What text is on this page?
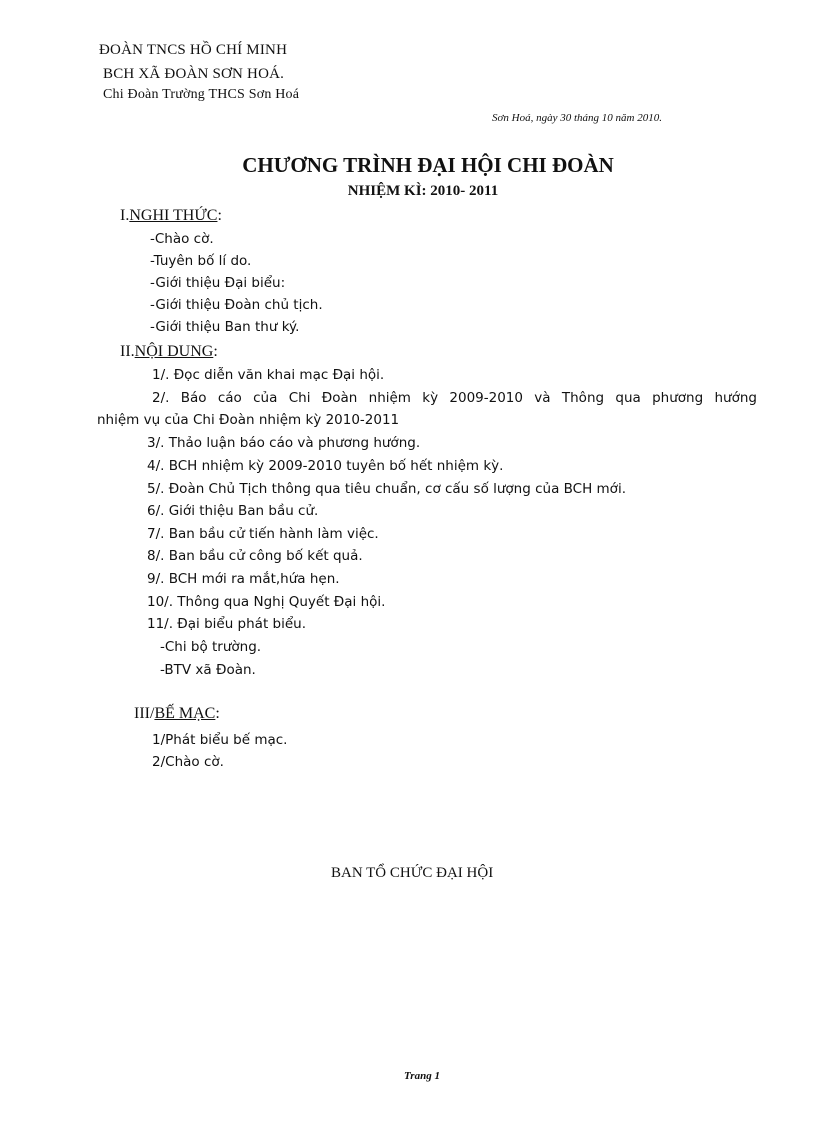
ĐOÀN TNCS HỒ CHÍ MINH
BCH XÃ ĐOÀN SƠN HOÁ.
Chi Đoàn Trường THCS Sơn Hoá
Sơn Hoá, ngày 30 tháng 10 năm 2010.
CHƯƠNG TRÌNH ĐẠI HỘI CHI ĐOÀN
NHIỆM KÌ: 2010- 2011
I.NGHI THỨC:
-Chào cờ.
-Tuyên bố lí do.
-Giới thiệu Đại biểu:
-Giới thiệu Đoàn chủ tịch.
-Giới thiệu Ban thư ký.
II.NỘI DUNG:
1/. Đọc diễn văn khai mạc Đại hội.
2/. Báo cáo của Chi Đoàn nhiệm kỳ 2009-2010 và Thông qua phương hướng
nhiệm vụ của Chi Đoàn nhiệm kỳ 2010-2011
3/. Thảo luận báo cáo và phương hướng.
4/. BCH nhiệm kỳ 2009-2010 tuyên bố hết nhiệm kỳ.
5/. Đoàn Chủ Tịch thông qua tiêu chuẩn, cơ cấu số lượng của BCH mới.
6/. Giới thiệu Ban bầu cử.
7/. Ban bầu cử tiến hành làm việc.
8/. Ban bầu cử công bố kết quả.
9/. BCH mới ra mắt,hứa hẹn.
10/. Thông qua Nghị Quyết Đại hội.
11/. Đại biểu phát biểu.
-Chi bộ trường.
-BTV xã Đoàn.
III/BẾ MẠC:
1/Phát biểu bế mạc.
2/Chào cờ.
BAN TỔ CHỨC ĐẠI HỘI
Trang 1
